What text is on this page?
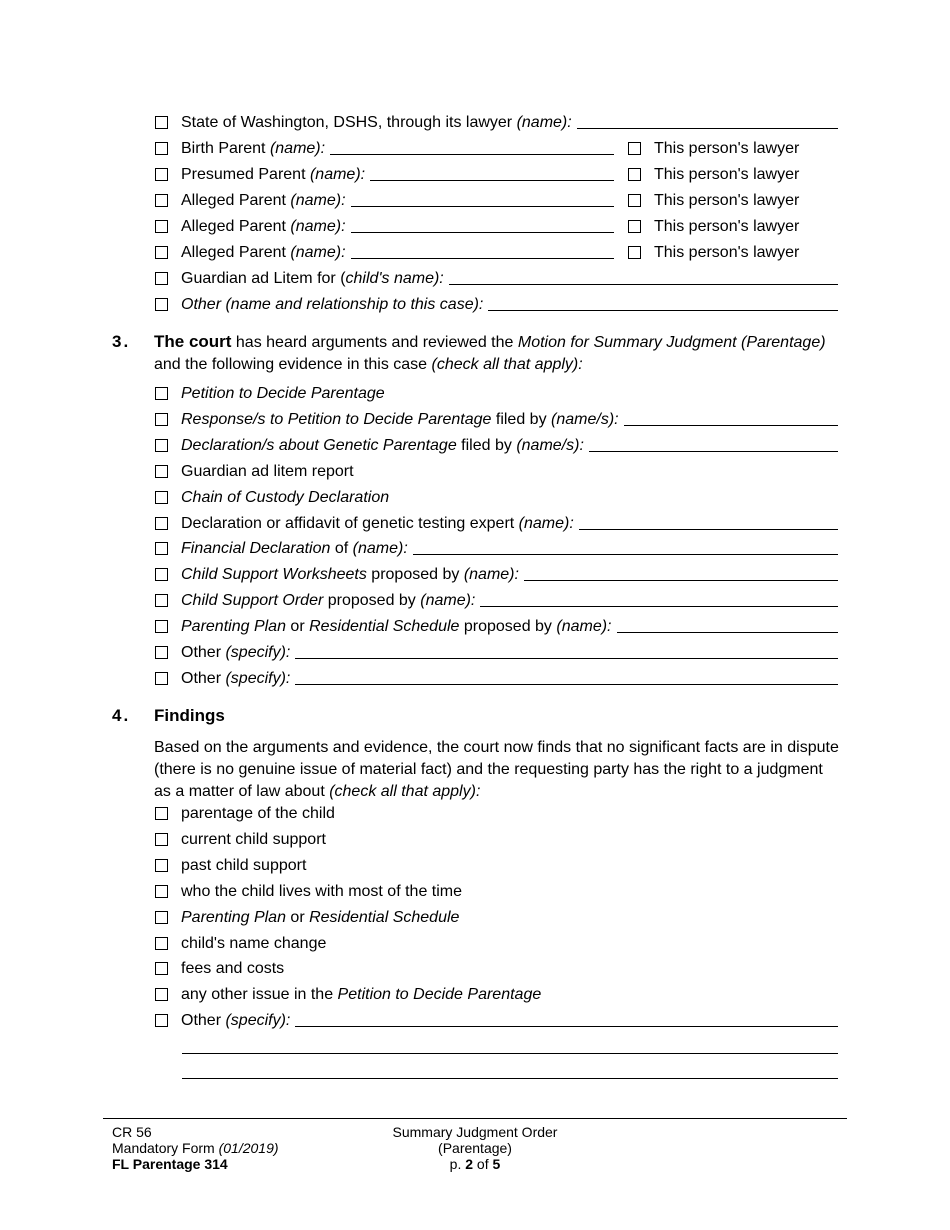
State of Washington, DSHS, through its lawyer (name):
Birth Parent (name):	This person's lawyer
Presumed Parent (name):	This person's lawyer
Alleged Parent (name):	This person's lawyer
Alleged Parent (name):	This person's lawyer
Alleged Parent (name):	This person's lawyer
Guardian ad Litem for (child's name):
Other (name and relationship to this case):
3. The court has heard arguments and reviewed the Motion for Summary Judgment (Parentage) and the following evidence in this case (check all that apply):
Petition to Decide Parentage
Response/s to Petition to Decide Parentage filed by (name/s):
Declaration/s about Genetic Parentage filed by (name/s):
Guardian ad litem report
Chain of Custody Declaration
Declaration or affidavit of genetic testing expert (name):
Financial Declaration of (name):
Child Support Worksheets proposed by (name):
Child Support Order proposed by (name):
Parenting Plan or Residential Schedule proposed by (name):
Other (specify):
Other (specify):
4. Findings
Based on the arguments and evidence, the court now finds that no significant facts are in dispute (there is no genuine issue of material fact) and the requesting party has the right to a judgment as a matter of law about (check all that apply):
parentage of the child
current child support
past child support
who the child lives with most of the time
Parenting Plan or Residential Schedule
child's name change
fees and costs
any other issue in the Petition to Decide Parentage
Other (specify):
CR 56
Mandatory Form (01/2019)
FL Parentage 314
Summary Judgment Order
(Parentage)
p. 2 of 5
